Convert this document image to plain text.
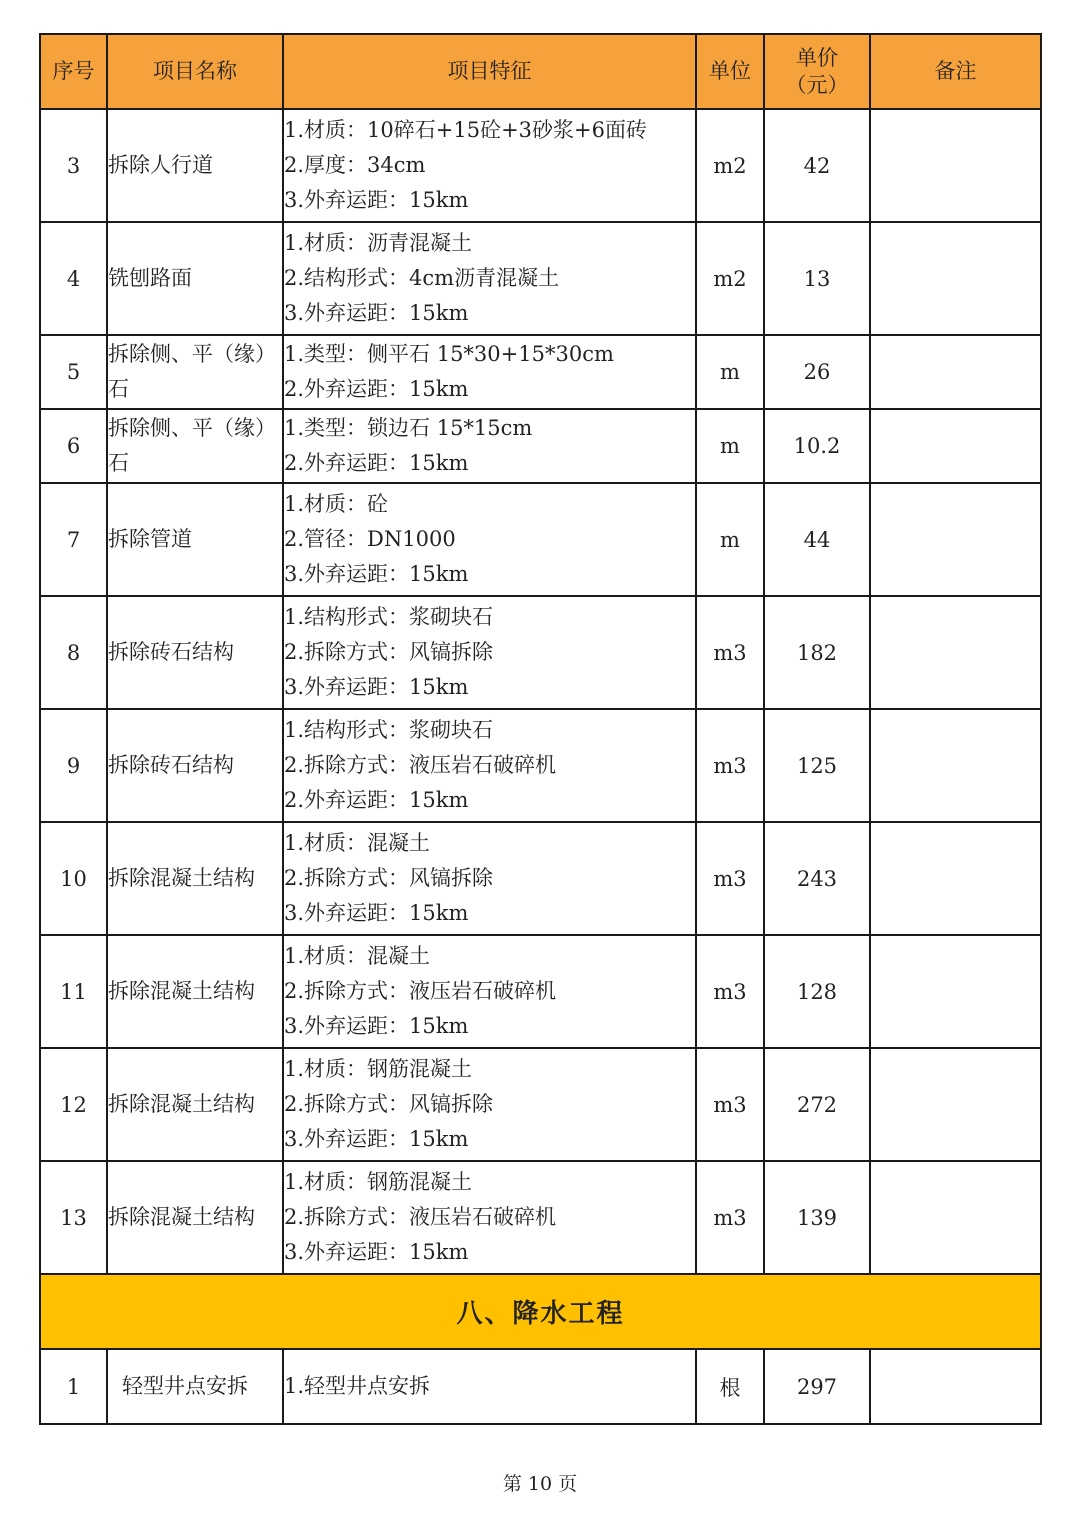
序号	项目名称	项目特征	单位	单价
（元）	备注
3	拆除人行道	1.材质：10碎石+15砼+3砂浆+6面砖
2.厚度：34cm
3.外弃运距：15km	m2	42	
4	铣刨路面	1.材质：沥青混凝土
2.结构形式：4cm沥青混凝土
3.外弃运距：15km	m2	13	
5	拆除侧、平（缘）石	1.类型：侧平石 15*30+15*30cm
2.外弃运距：15km	m	26	
6	拆除侧、平（缘）石	1.类型：锁边石 15*15cm
2.外弃运距：15km	m	10.2	
7	拆除管道	1.材质：砼
2.管径：DN1000
3.外弃运距：15km	m	44	
8	拆除砖石结构	1.结构形式：浆砌块石
2.拆除方式：风镐拆除
3.外弃运距：15km	m3	182	
9	拆除砖石结构	1.结构形式：浆砌块石
2.拆除方式：液压岩石破碎机
2.外弃运距：15km	m3	125	
10	拆除混凝土结构	1.材质：混凝土
2.拆除方式：风镐拆除
3.外弃运距：15km	m3	243	
11	拆除混凝土结构	1.材质：混凝土
2.拆除方式：液压岩石破碎机
3.外弃运距：15km	m3	128	
12	拆除混凝土结构	1.材质：钢筋混凝土
2.拆除方式：风镐拆除
3.外弃运距：15km	m3	272	
13	拆除混凝土结构	1.材质：钢筋混凝土
2.拆除方式：液压岩石破碎机
3.外弃运距：15km	m3	139	
八、降水工程					
1	轻型井点安拆	1.轻型井点安拆	根	297	
第 10 页
